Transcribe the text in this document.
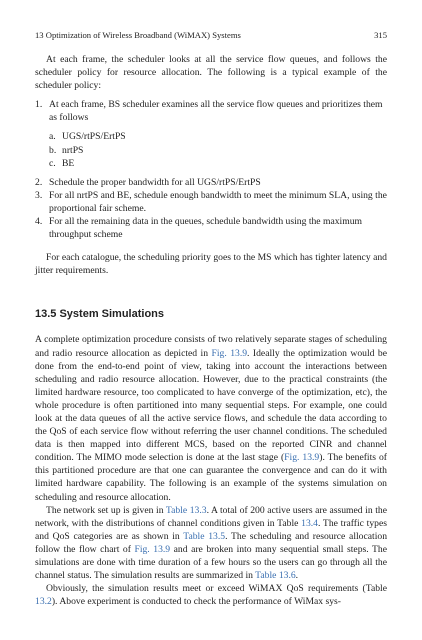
13 Optimization of Wireless Broadband (WiMAX) Systems	315

At each frame, the scheduler looks at all the service flow queues, and follows the scheduler policy for resource allocation. The following is a typical example of the scheduler policy:

1. At each frame, BS scheduler examines all the service flow queues and prioritizes them as follows
a. UGS/rtPS/ErtPS
b. nrtPS
c. BE
2. Schedule the proper bandwidth for all UGS/rtPS/ErtPS
3. For all nrtPS and BE, schedule enough bandwidth to meet the minimum SLA, using the proportional fair scheme.
4. For all the remaining data in the queues, schedule bandwidth using the maximum throughput scheme

For each catalogue, the scheduling priority goes to the MS which has tighter latency and jitter requirements.

13.5 System Simulations

A complete optimization procedure consists of two relatively separate stages of scheduling and radio resource allocation as depicted in Fig. 13.9. Ideally the optimization would be done from the end-to-end point of view, taking into account the interactions between scheduling and radio resource allocation. However, due to the practical constraints (the limited hardware resource, too complicated to have converge of the optimization, etc), the whole procedure is often partitioned into many sequential steps. For example, one could look at the data queues of all the active service flows, and schedule the data according to the QoS of each service flow without referring the user channel conditions. The scheduled data is then mapped into different MCS, based on the reported CINR and channel condition. The MIMO mode selection is done at the last stage (Fig. 13.9). The benefits of this partitioned procedure are that one can guarantee the convergence and can do it with limited hardware capability. The following is an example of the systems simulation on scheduling and resource allocation.

The network set up is given in Table 13.3. A total of 200 active users are assumed in the network, with the distributions of channel conditions given in Table 13.4. The traffic types and QoS categories are as shown in Table 13.5. The scheduling and resource allocation follow the flow chart of Fig. 13.9 and are broken into many sequential small steps. The simulations are done with time duration of a few hours so the users can go through all the channel status. The simulation results are summarized in Table 13.6.

Obviously, the simulation results meet or exceed WiMAX QoS requirements (Table 13.2). Above experiment is conducted to check the performance of WiMax sys-
